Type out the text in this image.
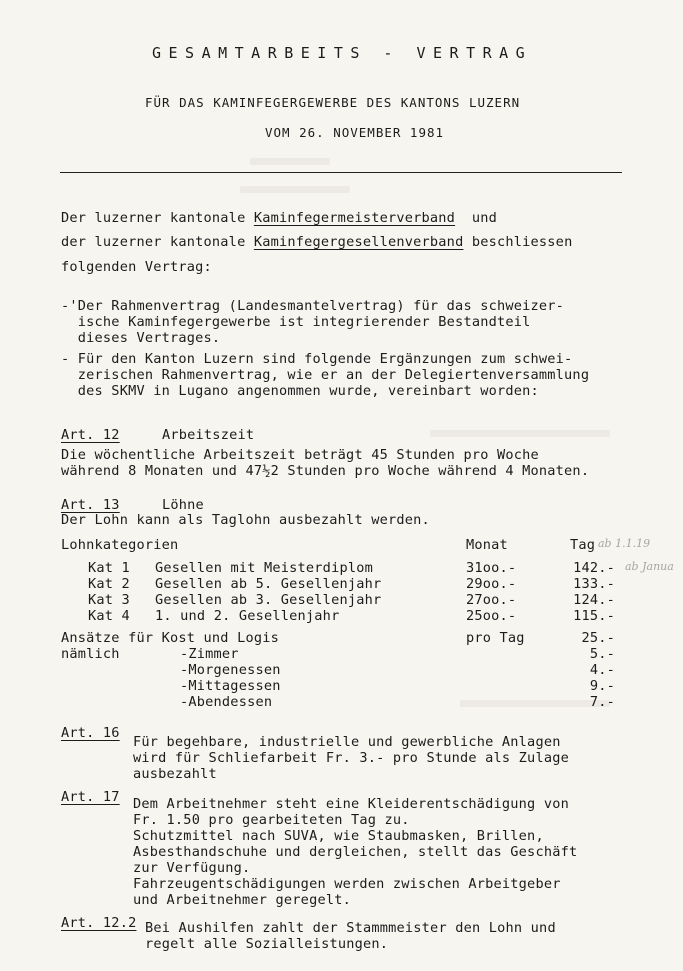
GESAMTARBEITS - VERTRAG
FÜR DAS KAMINFEGERGEWERBE DES KANTONS LUZERN
VOM 26. NOVEMBER 1981
Der luzerner kantonale Kaminfegermeisterverband  und
der luzerner kantonale Kaminfegergesellenverband beschliessen
folgenden Vertrag:
-'Der Rahmenvertrag (Landesmantelvertrag) für das schweizer-
ische Kaminfegergewerbe ist integrierender Bestandteil
dieses Vertrages.
- Für den Kanton Luzern sind folgende Ergänzungen zum schwei-
zerischen Rahmenvertrag, wie er an der Delegiertenversammlung
des SKMV in Lugano angenommen wurde, vereinbart worden:
Art. 12	Arbeitszeit
Die wöchentliche Arbeitszeit beträgt 45 Stunden pro Woche
während 8 Monaten und 47½2 Stunden pro Woche während 4 Monaten.
Art. 13	Löhne
Der Lohn kann als Taglohn ausbezahlt werden.
Lohnkategorien	Monat	Tag ab 1.1.19
ab Janua
Kat 1 Gesellen mit Meisterdiplom	31oo.-	142.-
Kat 2 Gesellen ab 5. Gesellenjahr	29oo.-	133.-
Kat 3 Gesellen ab 3. Gesellenjahr	27oo.-	124.-
Kat 4 1. und 2. Gesellenjahr	25oo.-	115.-
Ansätze für Kost und Logis	pro Tag	25.-
nämlich	-Zimmer	5.-
-Morgenessen	4.-
-Mittagessen	9.-
-Abendessen	7.-
Art. 16
Für begehbare, industrielle und gewerbliche Anlagen
wird für Schliefarbeit Fr. 3.- pro Stunde als Zulage
ausbezahlt
Art. 17 Dem Arbeitnehmer steht eine Kleiderentschädigung von
Fr. 1.50 pro gearbeiteten Tag zu.
Schutzmittel nach SUVA, wie Staubmasken, Brillen,
Asbesthandschuhe und dergleichen, stellt das Geschäft
zur Verfügung.
Fahrzeugentschädigungen werden zwischen Arbeitgeber
und Arbeitnehmer geregelt.
Art. 12.2 Bei Aushilfen zahlt der Stammmeister den Lohn und
regelt alle Sozialleistungen.
